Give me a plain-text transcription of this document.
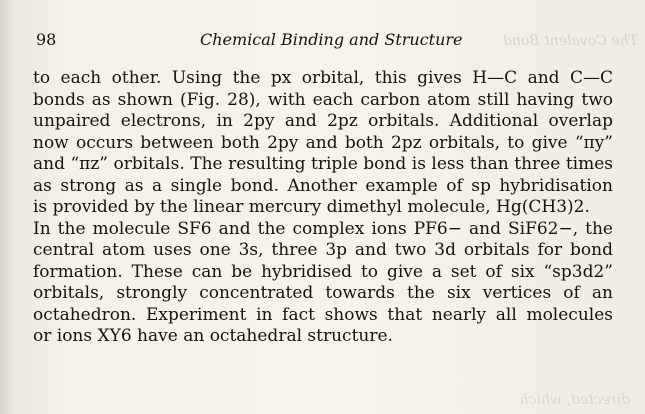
98	Chemical Binding and Structure	The Covalent Bond
to each other. Using the px orbital, this gives H—C and C—C
bonds as shown (Fig. 28), with each carbon atom still having two
unpaired electrons, in 2py and 2pz orbitals. Additional overlap
now occurs between both 2py and both 2pz orbitals, to give “πy”
and “πz” orbitals. The resulting triple bond is less than three times
as strong as a single bond. Another example of sp hybridisation
is provided by the linear mercury dimethyl molecule, Hg(CH3)2.
In the molecule SF6 and the complex ions PF6− and SiF62−, the
central atom uses one 3s, three 3p and two 3d orbitals for bond
formation. These can be hybridised to give a set of six “sp3d2”
orbitals, strongly concentrated towards the six vertices of an
octahedron. Experiment in fact shows that nearly all molecules
or ions XY6 have an octahedral structure.
directed, which
